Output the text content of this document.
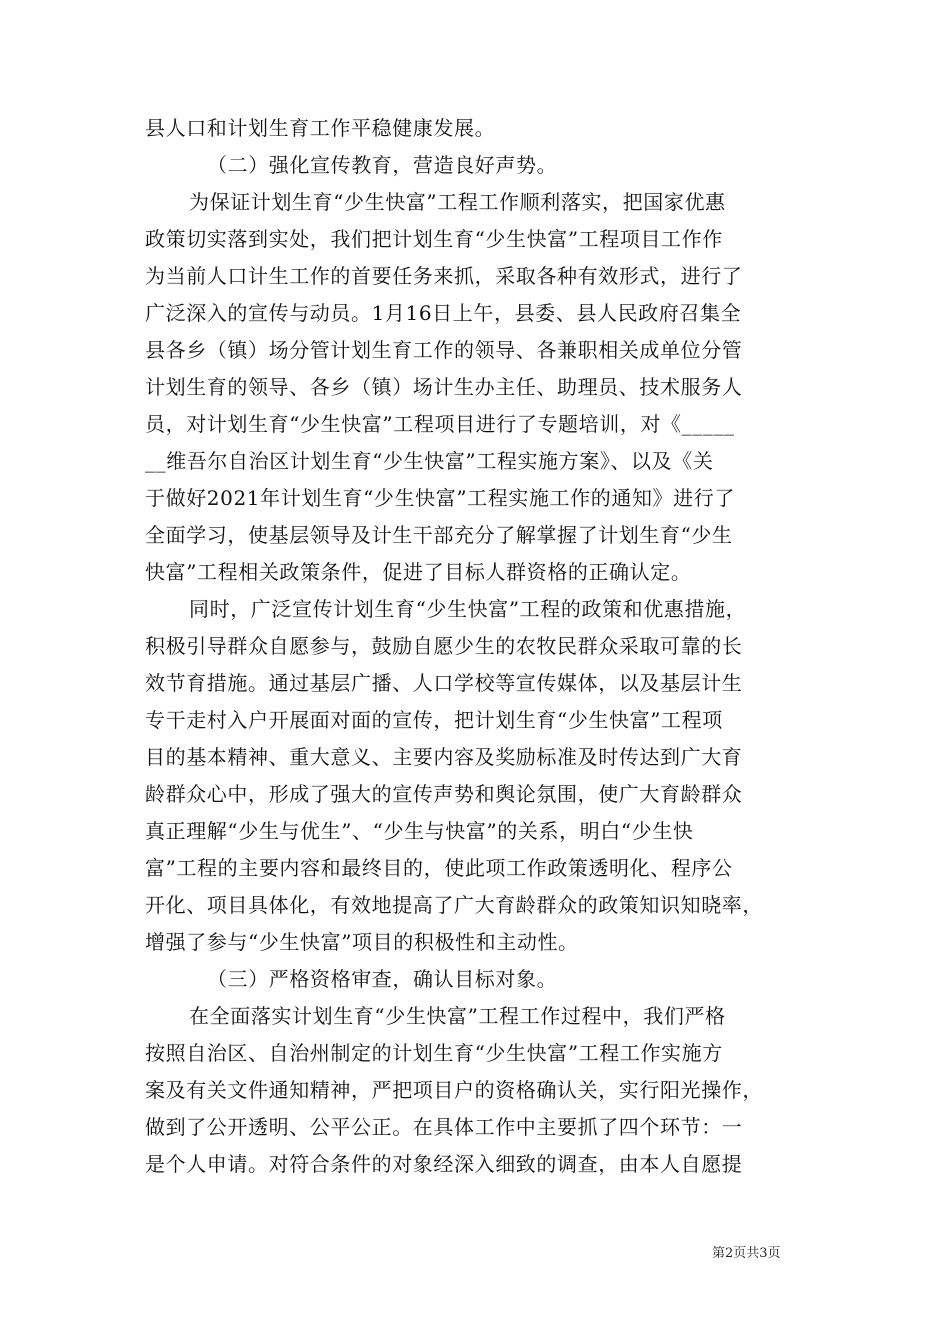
县人口和计划生育工作平稳健康发展。
（二）强化宣传教育，营造良好声势。
为保证计划生育“少生快富”工程工作顺利落实，把国家优惠
政策切实落到实处，我们把计划生育“少生快富”工程项目工作作
为当前人口计生工作的首要任务来抓，采取各种有效形式，进行了
广泛深入的宣传与动员。1月16日上午，县委、县人民政府召集全
县各乡（镇）场分管计划生育工作的领导、各兼职相关成单位分管
计划生育的领导、各乡（镇）场计生办主任、助理员、技术服务人
员，对计划生育“少生快富”工程项目进行了专题培训，对《_____
__维吾尔自治区计划生育“少生快富”工程实施方案》、以及《关
于做好2021年计划生育“少生快富”工程实施工作的通知》进行了
全面学习，使基层领导及计生干部充分了解掌握了计划生育“少生
快富”工程相关政策条件，促进了目标人群资格的正确认定。
同时，广泛宣传计划生育“少生快富”工程的政策和优惠措施，
积极引导群众自愿参与，鼓励自愿少生的农牧民群众采取可靠的长
效节育措施。通过基层广播、人口学校等宣传媒体，以及基层计生
专干走村入户开展面对面的宣传，把计划生育“少生快富”工程项
目的基本精神、重大意义、主要内容及奖励标准及时传达到广大育
龄群众心中，形成了强大的宣传声势和舆论氛围，使广大育龄群众
真正理解“少生与优生”、“少生与快富”的关系，明白“少生快
富”工程的主要内容和最终目的，使此项工作政策透明化、程序公
开化、项目具体化，有效地提高了广大育龄群众的政策知识知晓率，
增强了参与“少生快富”项目的积极性和主动性。
（三）严格资格审查，确认目标对象。
在全面落实计划生育“少生快富”工程工作过程中，我们严格
按照自治区、自治州制定的计划生育“少生快富”工程工作实施方
案及有关文件通知精神，严把项目户的资格确认关，实行阳光操作，
做到了公开透明、公平公正。在具体工作中主要抓了四个环节：一
是个人申请。对符合条件的对象经深入细致的调查，由本人自愿提
第2页共3页
